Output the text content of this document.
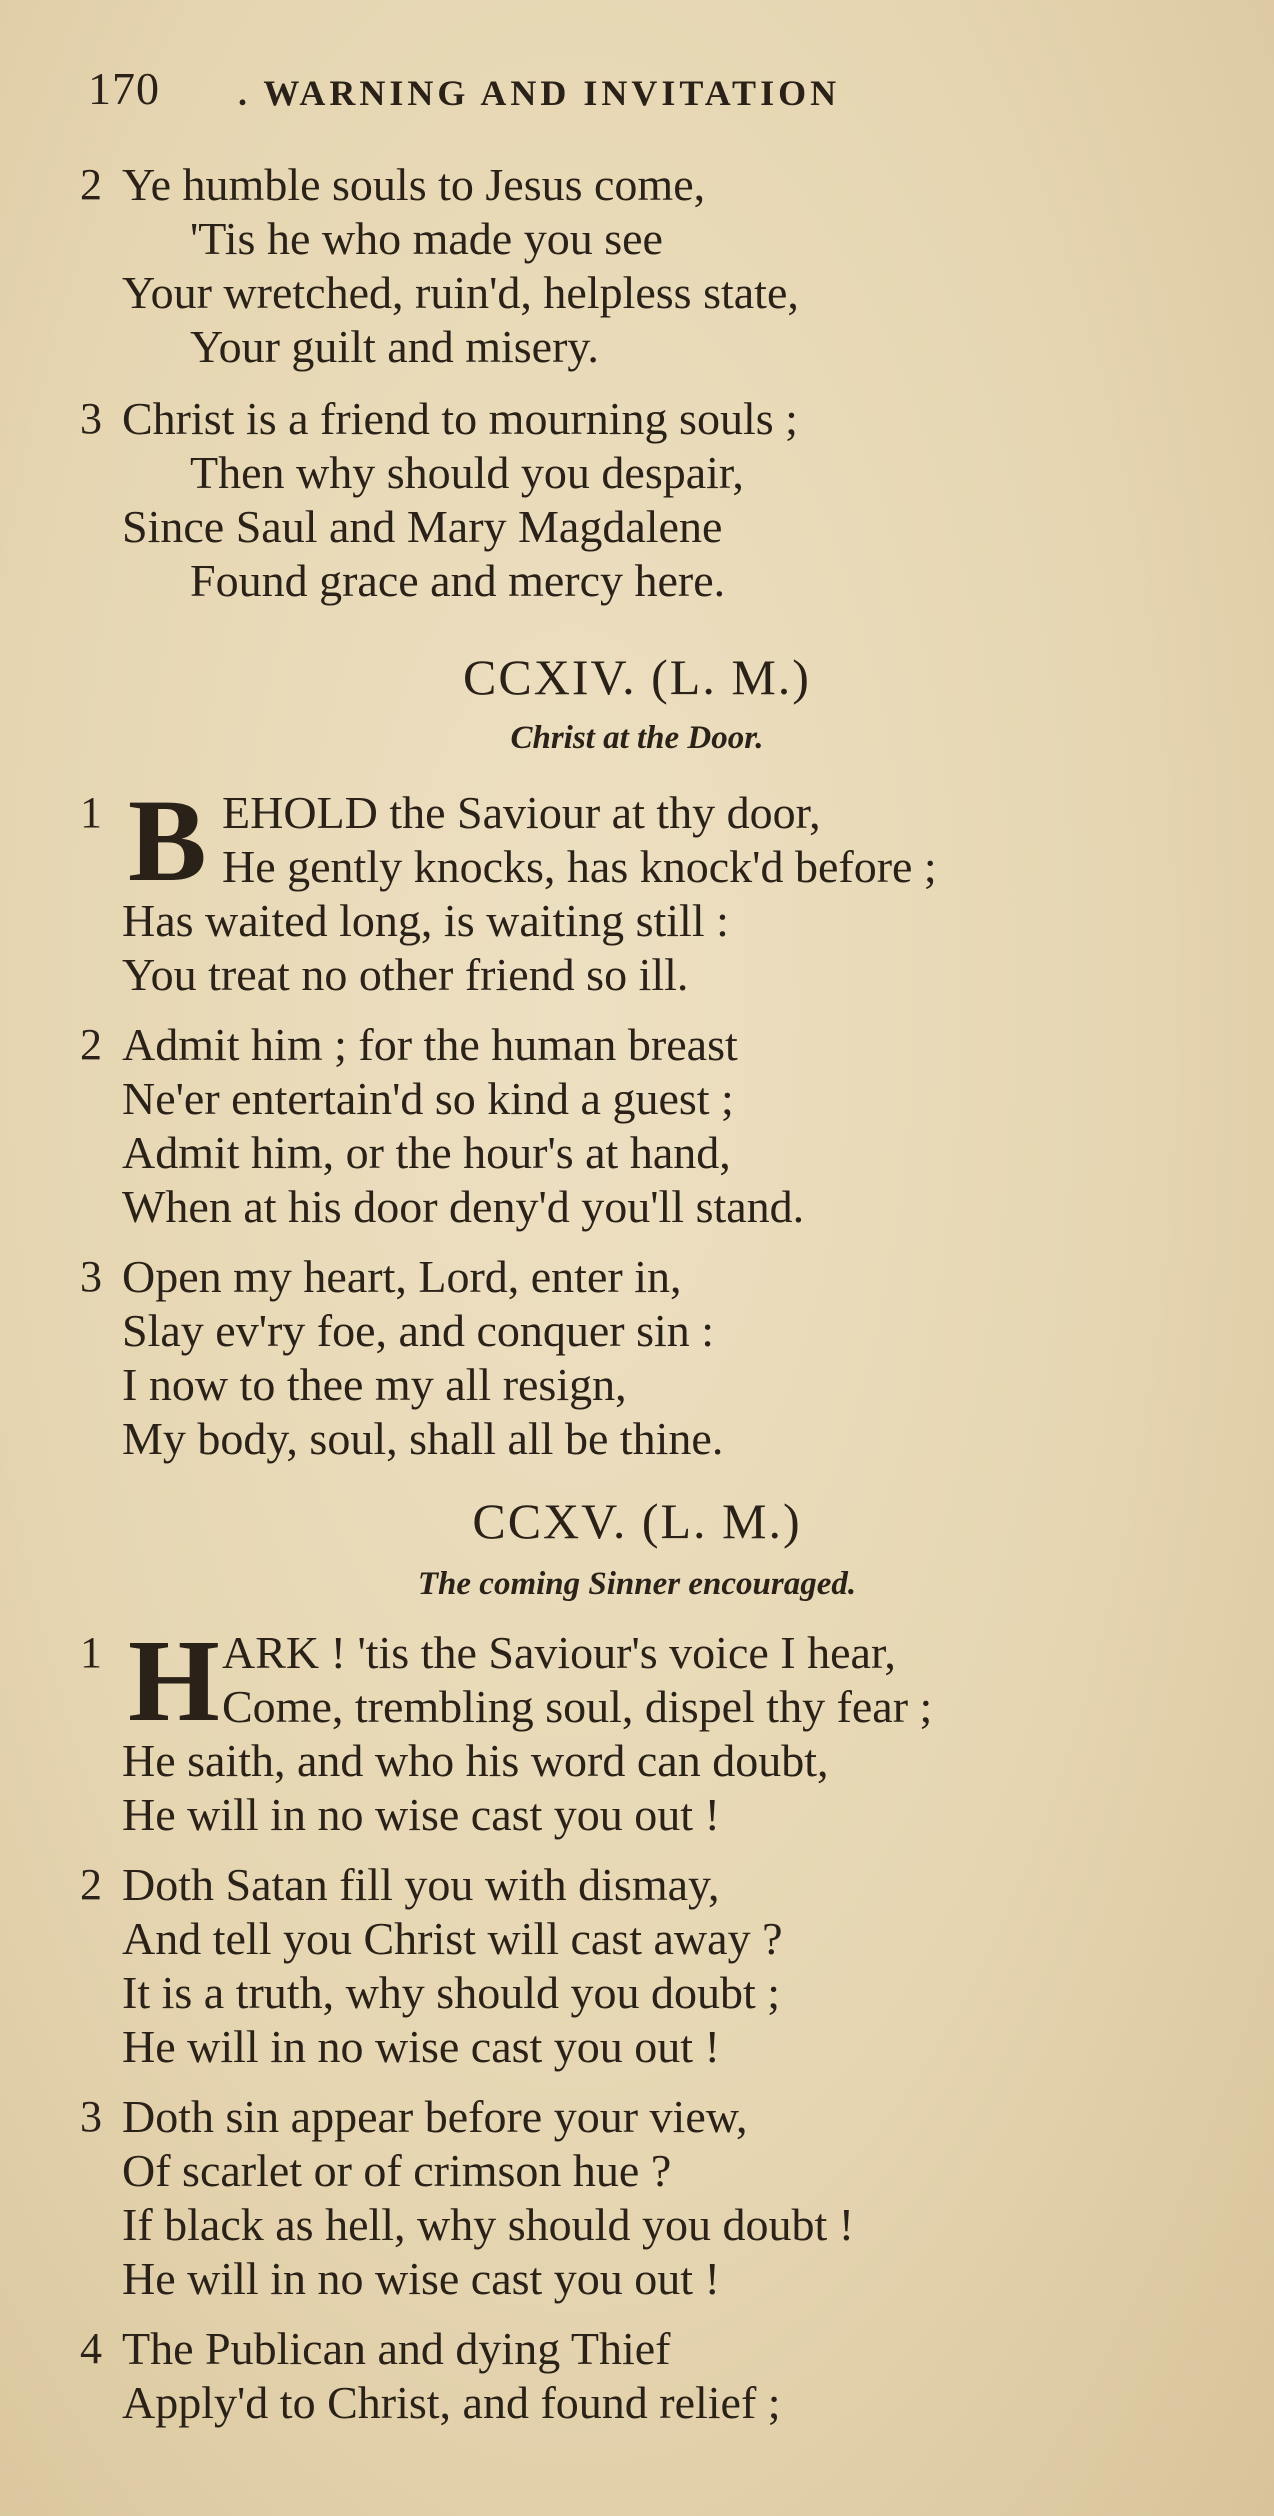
170 . WARNING AND INVITATION
2 Ye humble souls to Jesus come,
'Tis he who made you see
Your wretched, ruin'd, helpless state,
Your guilt and misery.
3 Christ is a friend to mourning souls ;
Then why should you despair,
Since Saul and Mary Magdalene
Found grace and mercy here.
CCXIV. (L. M.)
Christ at the Door.
1 B EHOLD the Saviour at thy door,
He gently knocks, has knock'd before ;
Has waited long, is waiting still :
You treat no other friend so ill.
2 Admit him ; for the human breast
Ne'er entertain'd so kind a guest ;
Admit him, or the hour's at hand,
When at his door deny'd you'll stand.
3 Open my heart, Lord, enter in,
Slay ev'ry foe, and conquer sin :
I now to thee my all resign,
My body, soul, shall all be thine.
CCXV. (L. M.)
The coming Sinner encouraged.
1 H ARK ! 'tis the Saviour's voice I hear,
Come, trembling soul, dispel thy fear ;
He saith, and who his word can doubt,
He will in no wise cast you out !
2 Doth Satan fill you with dismay,
And tell you Christ will cast away ?
It is a truth, why should you doubt ;
He will in no wise cast you out !
3 Doth sin appear before your view,
Of scarlet or of crimson hue ?
If black as hell, why should you doubt !
He will in no wise cast you out !
4 The Publican and dying Thief
Apply'd to Christ, and found relief ;
